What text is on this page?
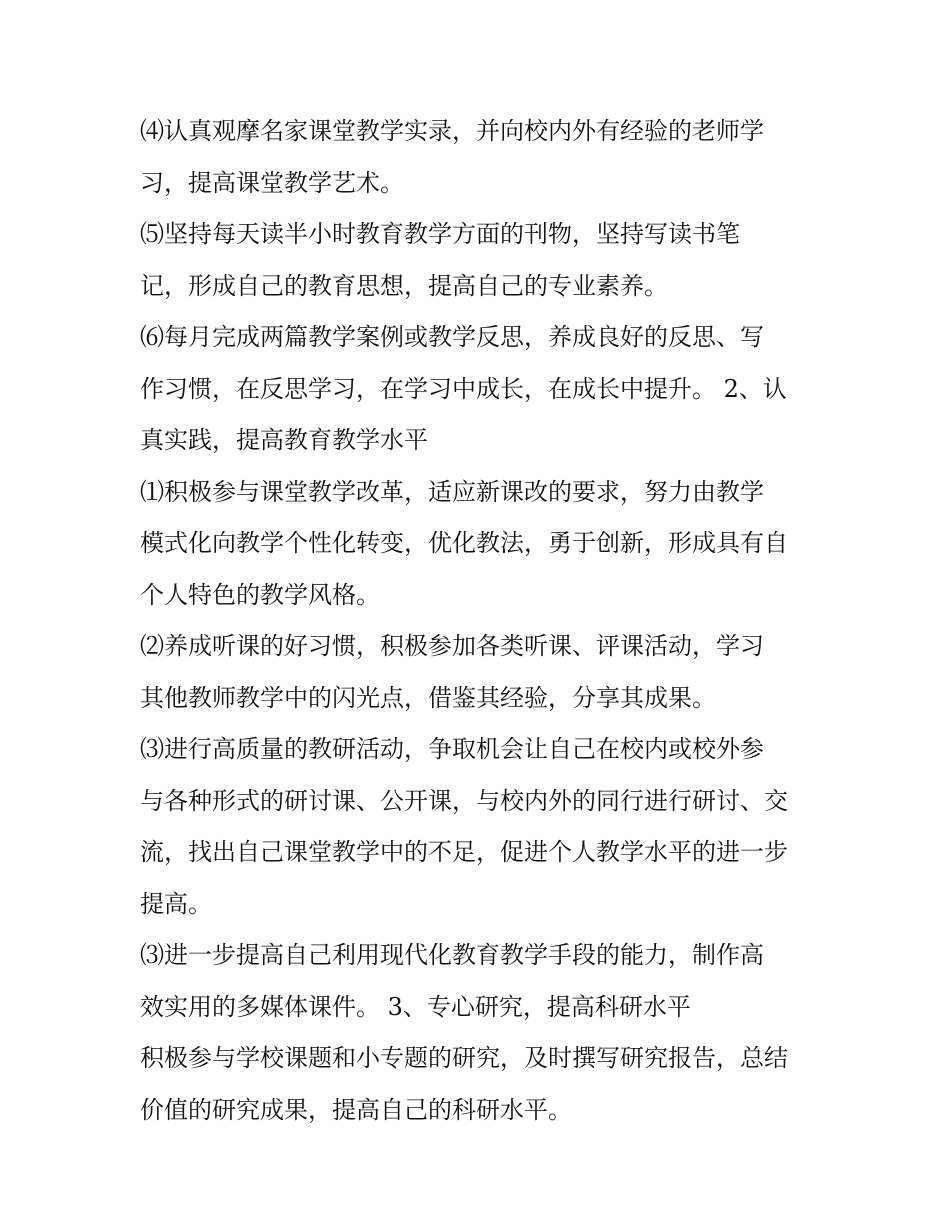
⑷认真观摩名家课堂教学实录，并向校内外有经验的老师学
习，提高课堂教学艺术。
⑸坚持每天读半小时教育教学方面的刊物，坚持写读书笔
记，形成自己的教育思想，提高自己的专业素养。
⑹每月完成两篇教学案例或教学反思，养成良好的反思、写
作习惯，在反思学习，在学习中成长，在成长中提升。 2、认
真实践，提高教育教学水平
⑴积极参与课堂教学改革，适应新课改的要求，努力由教学
模式化向教学个性化转变，优化教法，勇于创新，形成具有自
个人特色的教学风格。
⑵养成听课的好习惯，积极参加各类听课、评课活动，学习
其他教师教学中的闪光点，借鉴其经验，分享其成果。
⑶进行高质量的教研活动，争取机会让自己在校内或校外参
与各种形式的研讨课、公开课，与校内外的同行进行研讨、交
流，找出自己课堂教学中的不足，促进个人教学水平的进一步
提高。
⑶进一步提高自己利用现代化教育教学手段的能力，制作高
效实用的多媒体课件。 3、专心研究，提高科研水平
积极参与学校课题和小专题的研究，及时撰写研究报告，总结
价值的研究成果，提高自己的科研水平。
